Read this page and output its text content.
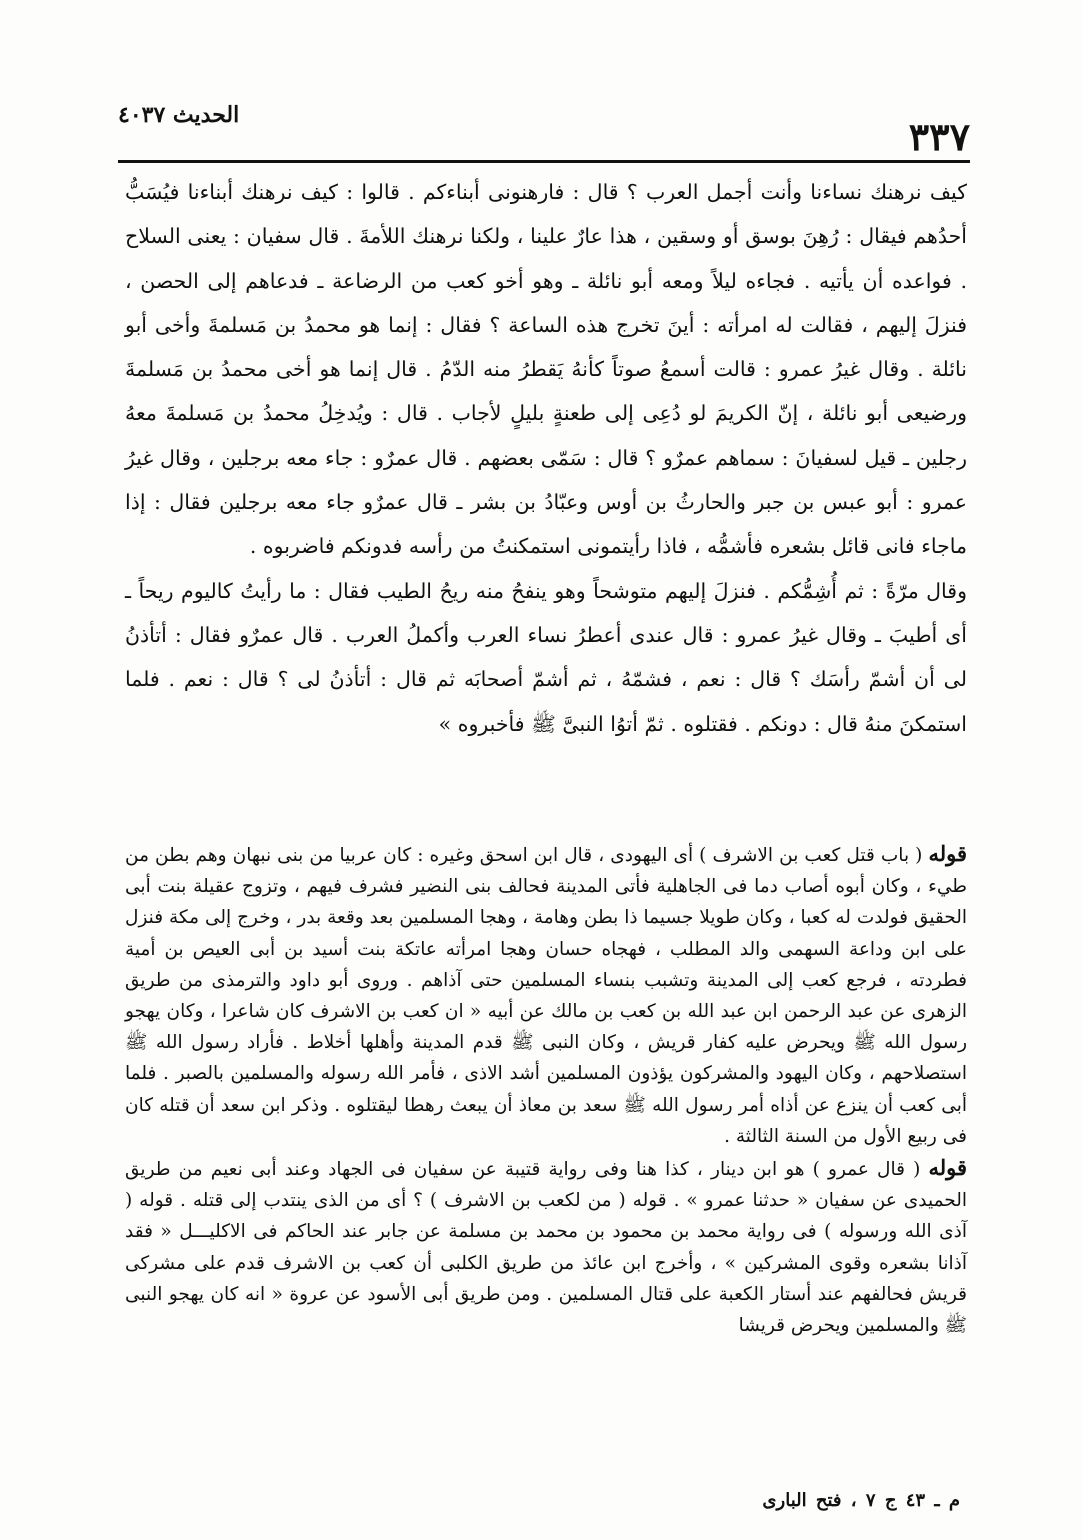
٣٣٧
الحديث ٤٠٣٧

كيف نرهنك نساءنا وأنت أجمل العرب ؟ قال : فارهنونى أبناءكم . قالوا : كيف نرهنك أبناءنا فيُسَبُّ أحدُهم فيقال : رُهِنَ بوسق أو وسقين ، هذا عارٌ علينا ، ولكنا نرهنك اللأمةَ . قال سفيان : يعنى السلاح . فواعده أن يأتيه . فجاءه ليلاً ومعه أبو نائلة ـ وهو أخو كعب من الرضاعة ـ فدعاهم إلى الحصن ، فنزلَ إليهم ، فقالت له امرأته : أينَ تخرج هذه الساعة ؟ فقال : إنما هو محمدُ بن مَسلمةَ وأخى أبو نائلة . وقال غيرُ عمرو : قالت أسمعُ صوتاً كأنهُ يَقطرُ منه الدّمُ . قال إنما هو أخى محمدُ بن مَسلمةَ ورضيعى أبو نائلة ، إنّ الكريمَ لو دُعِى إلى طعنةٍ بليلٍ لأجاب . قال : ويُدخِلُ محمدُ بن مَسلمةَ معهُ رجلين ـ قيل لسفيانَ : سماهم عمرٌو ؟ قال : سَمّى بعضهم . قال عمرٌو : جاء معه برجلين ، وقال غيرُ عمرو : أبو عبس بن جبر والحارثُ بن أوس وعبّادُ بن بشر ـ قال عمرٌو جاء معه برجلين فقال : إذا ماجاء فانى قائل بشعره فأشمُّه ، فاذا رأيتمونى استمكنتُ من رأسه فدونكم فاضربوه .

وقال مرّةً : ثم أُشِمُّكم . فنزلَ إليهم متوشحاً وهو ينفحُ منه ريحُ الطيب فقال : ما رأيتُ كاليوم ريحاً ـ أى أطيبَ ـ وقال غيرُ عمرو : قال عندى أعطرُ نساء العرب وأكملُ العرب . قال عمرٌو فقال : أتأذنُ لى أن أشمّ رأسَك ؟ قال : نعم ، فشمّهُ ، ثم أشمّ أصحابَه ثم قال : أتأذنُ لى ؟ قال : نعم . فلما استمكنَ منهُ قال : دونكم . فقتلوه . ثمّ أتوُا النبىَّ ﷺ فأخبروه »

قوله ( باب قتل كعب بن الاشرف ) أى اليهودى ، قال ابن اسحق وغيره : كان عربيا من بنى نبهان وهم بطن من طيء ، وكان أبوه أصاب دما فى الجاهلية فأتى المدينة فحالف بنى النضير فشرف فيهم ، وتزوج عقيلة بنت أبى الحقيق فولدت له كعبا ، وكان طويلا جسيما ذا بطن وهامة ، وهجا المسلمين بعد وقعة بدر ، وخرج إلى مكة فنزل على ابن وداعة السهمى والد المطلب ، فهجاه حسان وهجا امرأته عاتكة بنت أسيد بن أبى العيص بن أمية فطردته ، فرجع كعب إلى المدينة وتشبب بنساء المسلمين حتى آذاهم . وروى أبو داود والترمذى من طريق الزهرى عن عبد الرحمن ابن عبد الله بن كعب بن مالك عن أبيه « ان كعب بن الاشرف كان شاعرا ، وكان يهجو رسول الله ﷺ ويحرض عليه كفار قريش ، وكان النبى ﷺ قدم المدينة وأهلها أخلاط . فأراد رسول الله ﷺ استصلاحهم ، وكان اليهود والمشركون يؤذون المسلمين أشد الاذى ، فأمر الله رسوله والمسلمين بالصبر . فلما أبى كعب أن ينزع عن أذاه أمر رسول الله ﷺ سعد بن معاذ أن يبعث رهطا ليقتلوه . وذكر ابن سعد أن قتله كان فى ربيع الأول من السنة الثالثة .

قوله ( قال عمرو ) هو ابن دينار ، كذا هنا وفى رواية قتيبة عن سفيان فى الجهاد وعند أبى نعيم من طريق الحميدى عن سفيان « حدثنا عمرو » . قوله ( من لكعب بن الاشرف ) ؟ أى من الذى ينتدب إلى قتله . قوله ( آذى الله ورسوله ) فى رواية محمد بن محمود بن محمد بن مسلمة عن جابر عند الحاكم فى الاكليـــل « فقد آذانا بشعره وقوى المشركين » ، وأخرج ابن عائذ من طريق الكلبى أن كعب بن الاشرف قدم على مشركى قريش فحالفهم عند أستار الكعبة على قتال المسلمين . ومن طريق أبى الأسود عن عروة « انه كان يهجو النبى ﷺ والمسلمين ويحرض قريشا

م ـ ٤٣ ج ٧ ، فتح البارى
